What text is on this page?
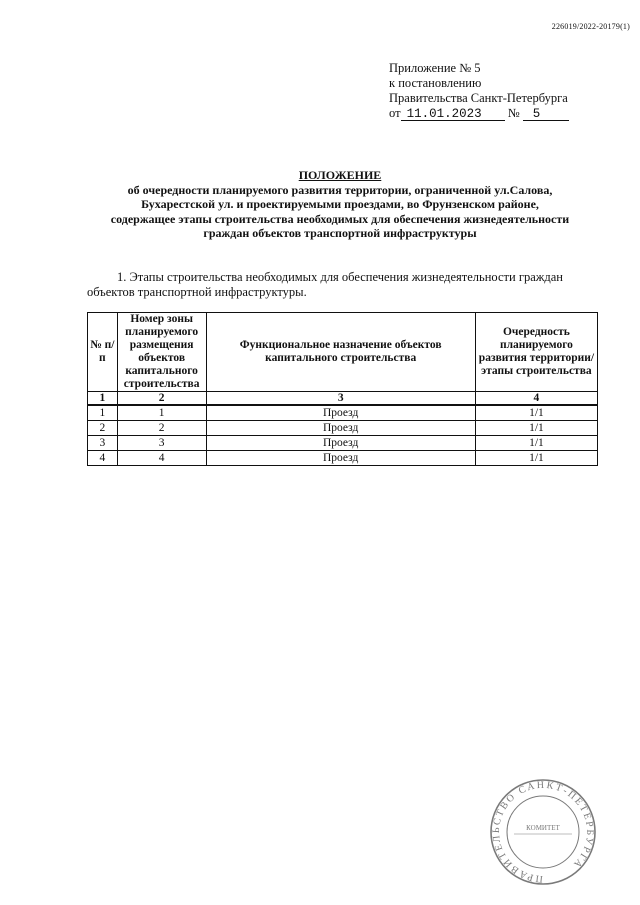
226019/2022-20179(1)
Приложение № 5
к постановлению
Правительства Санкт-Петербурга
от 11.01.2023 № 5
ПОЛОЖЕНИЕ
об очередности планируемого развития территории, ограниченной ул.Салова,
Бухарестской ул. и проектируемыми проездами, во Фрунзенском районе,
содержащее этапы строительства необходимых для обеспечения жизнедеятельности
граждан объектов транспортной инфраструктуры
1. Этапы строительства необходимых для обеспечения жизнедеятельности граждан
объектов транспортной инфраструктуры.
№ п/п	Номер зоны планируемого размещения объектов капитального строительства	Функциональное назначение объектов капитального строительства	Очередность планируемого развития территории/ этапы строительства
1	2	3	4
1	1	Проезд	1/1
2	2	Проезд	1/1
3	3	Проезд	1/1
4	4	Проезд	1/1
ПРАВИТЕЛЬСТВО САНКТ-ПЕТЕРБУРГА
КОМИТЕТ
